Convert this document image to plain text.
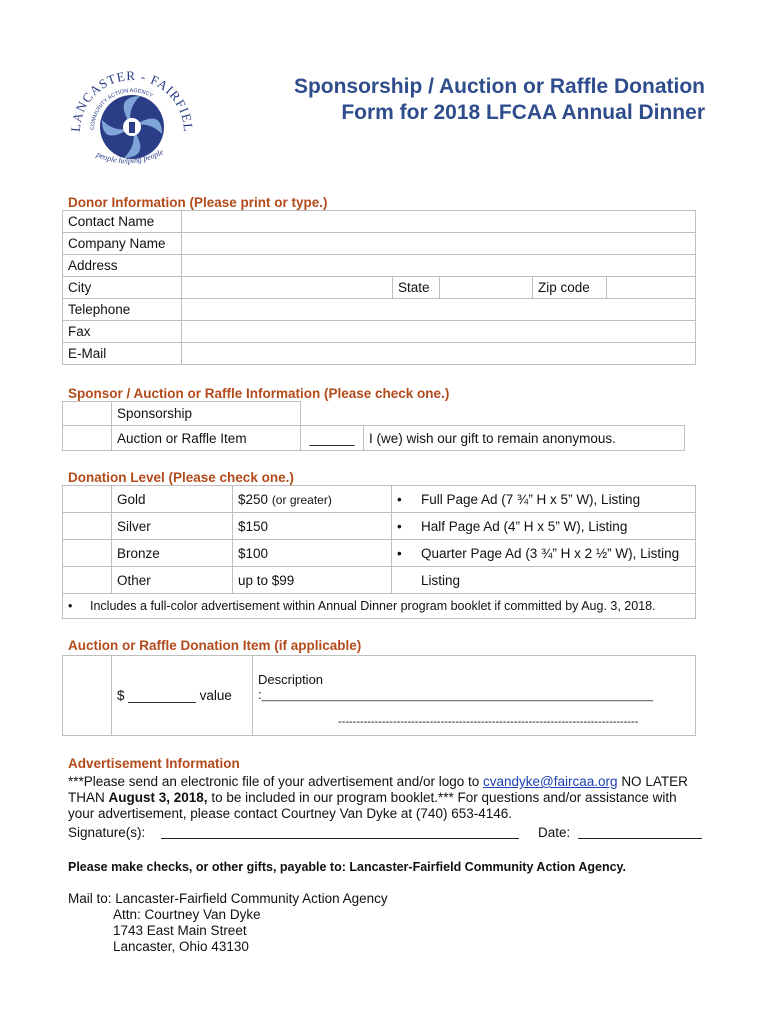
LANCASTER - FAIRFIEL
COMMUNITY ACTION AGENCY
people helping people
Sponsorship / Auction or Raffle Donation
Form for 2018 LFCAA Annual Dinner
Donor Information (Please print or type.)
Contact Name					
Company Name					
Address					
City		State		Zip code	
Telephone					
Fax					
E-Mail					
Sponsor / Auction or Raffle Information (Please check one.)
	Sponsorship		
	Auction or Raffle Item	______	I (we) wish our gift to remain anonymous.
Donation Level (Please check one.)
	Gold	$250 (or greater)	• Full Page Ad (7 ¾” H x 5” W), Listing
	Silver	$150	• Half Page Ad (4” H x 5” W), Listing
	Bronze	$100	• Quarter Page Ad (3 ¾” H x 2 ½” W), Listing
	Other	up to $99	Listing
• Includes a full-color advertisement within Annual Dinner program booklet if committed by Aug. 3, 2018.			
Auction or Raffle Donation Item (if applicable)
	$ _________ value	
Description :________________________________________________________________
----------------------------------------------------------------------------------
Advertisement Information
***Please send an electronic file of your advertisement and/or logo to cvandyke@faircaa.org NO LATER
THAN August 3, 2018, to be included in our program booklet.*** For questions and/or assistance with
your advertisement, please contact Courtney Van Dyke at (740) 653-4146.
Signature(s):	Date:
Please make checks, or other gifts, payable to: Lancaster-Fairfield Community Action Agency.
Mail to: Lancaster-Fairfield Community Action Agency
Attn: Courtney Van Dyke
1743 East Main Street
Lancaster, Ohio 43130
